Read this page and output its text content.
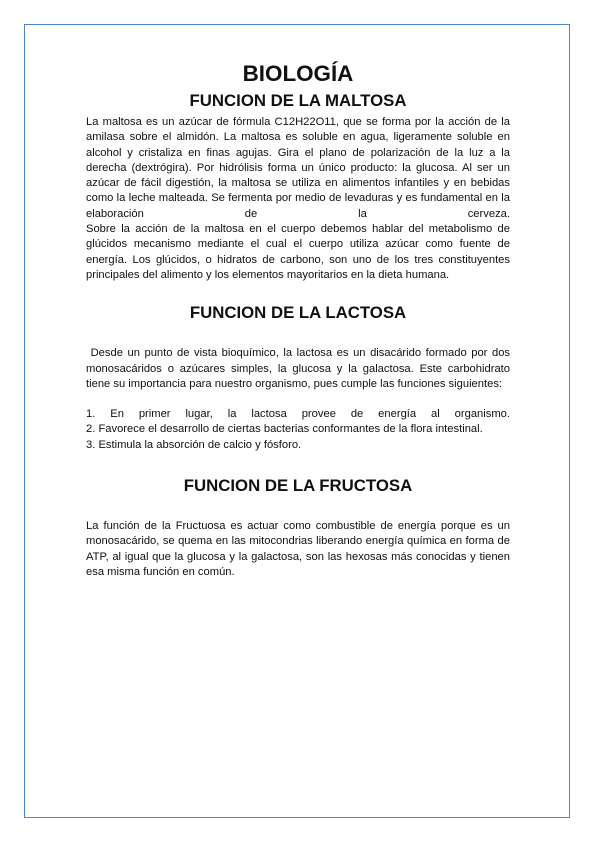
BIOLOGÍA
FUNCION DE LA MALTOSA

La maltosa es un azúcar de fórmula C12H22O11, que se forma por la acción de la amilasa sobre el almidón. La maltosa es soluble en agua, ligeramente soluble en alcohol y cristaliza en finas agujas. Gira el plano de polarización de la luz a la derecha (dextrógira). Por hidrólisis forma un único producto: la glucosa. Al ser un azúcar de fácil digestión, la maltosa se utiliza en alimentos infantiles y en bebidas como la leche malteada. Se fermenta por medio de levaduras y es fundamental en la elaboración de la cerveza.

Sobre la acción de la maltosa en el cuerpo debemos hablar del metabolismo de glúcidos mecanismo mediante el cual el cuerpo utiliza azúcar como fuente de energía. Los glúcidos, o hidratos de carbono, son uno de los tres constituyentes principales del alimento y los elementos mayoritarios en la dieta humana.

FUNCION DE LA LACTOSA

Desde un punto de vista bioquímico, la lactosa es un disacárido formado por dos monosacáridos o azúcares simples, la glucosa y la galactosa. Este carbohidrato tiene su importancia para nuestro organismo, pues cumple las funciones siguientes:

1. En primer lugar, la lactosa provee de energía al organismo.
2. Favorece el desarrollo de ciertas bacterias conformantes de la flora intestinal.
3. Estimula la absorción de calcio y fósforo.
FUNCION DE LA FRUCTOSA

La función de la Fructuosa es actuar como combustible de energía porque es un monosacárido, se quema en las mitocondrias liberando energía química en forma de ATP, al igual que la glucosa y la galactosa, son las hexosas más conocidas y tienen esa misma función en común.
